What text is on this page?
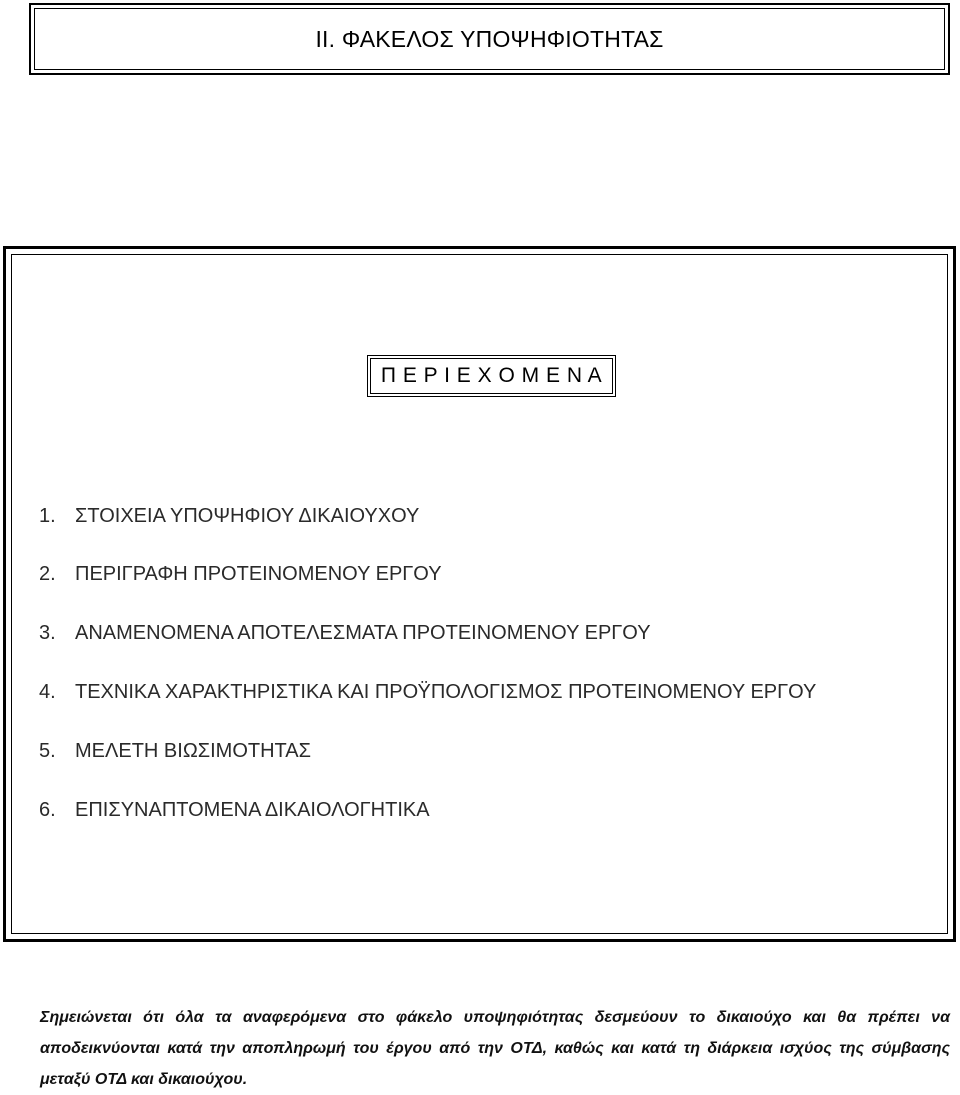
ΙΙ. ΦΑΚΕΛΟΣ ΥΠΟΨΗΦΙΟΤΗΤΑΣ
Π Ε Ρ Ι Ε Χ Ο Μ Ε Ν Α
1. ΣΤΟΙΧΕΙΑ ΥΠΟΨΗΦΙΟΥ ΔΙΚΑΙΟΥΧΟΥ
2. ΠΕΡΙΓΡΑΦΗ ΠΡΟΤΕΙΝΟΜΕΝΟΥ ΕΡΓΟΥ
3. ΑΝΑΜΕΝΟΜΕΝΑ ΑΠΟΤΕΛΕΣΜΑΤΑ ΠΡΟΤΕΙΝΟΜΕΝΟΥ ΕΡΓΟΥ
4. ΤΕΧΝΙΚΑ ΧΑΡΑΚΤΗΡΙΣΤΙΚΑ ΚΑΙ ΠΡΟΫΠΟΛΟΓΙΣΜΟΣ ΠΡΟΤΕΙΝΟΜΕΝΟΥ ΕΡΓΟΥ
5. ΜΕΛΕΤΗ ΒΙΩΣΙΜΟΤΗΤΑΣ
6. ΕΠΙΣΥΝΑΠΤΟΜΕΝΑ ΔΙΚΑΙΟΛΟΓΗΤΙΚΑ
Σημειώνεται ότι όλα τα αναφερόμενα στο φάκελο υποψηφιότητας δεσμεύουν το δικαιούχο και θα πρέπει να αποδεικνύονται κατά την αποπληρωμή του έργου από την ΟΤΔ, καθώς και κατά τη διάρκεια ισχύος της σύμβασης μεταξύ ΟΤΔ και δικαιούχου.
